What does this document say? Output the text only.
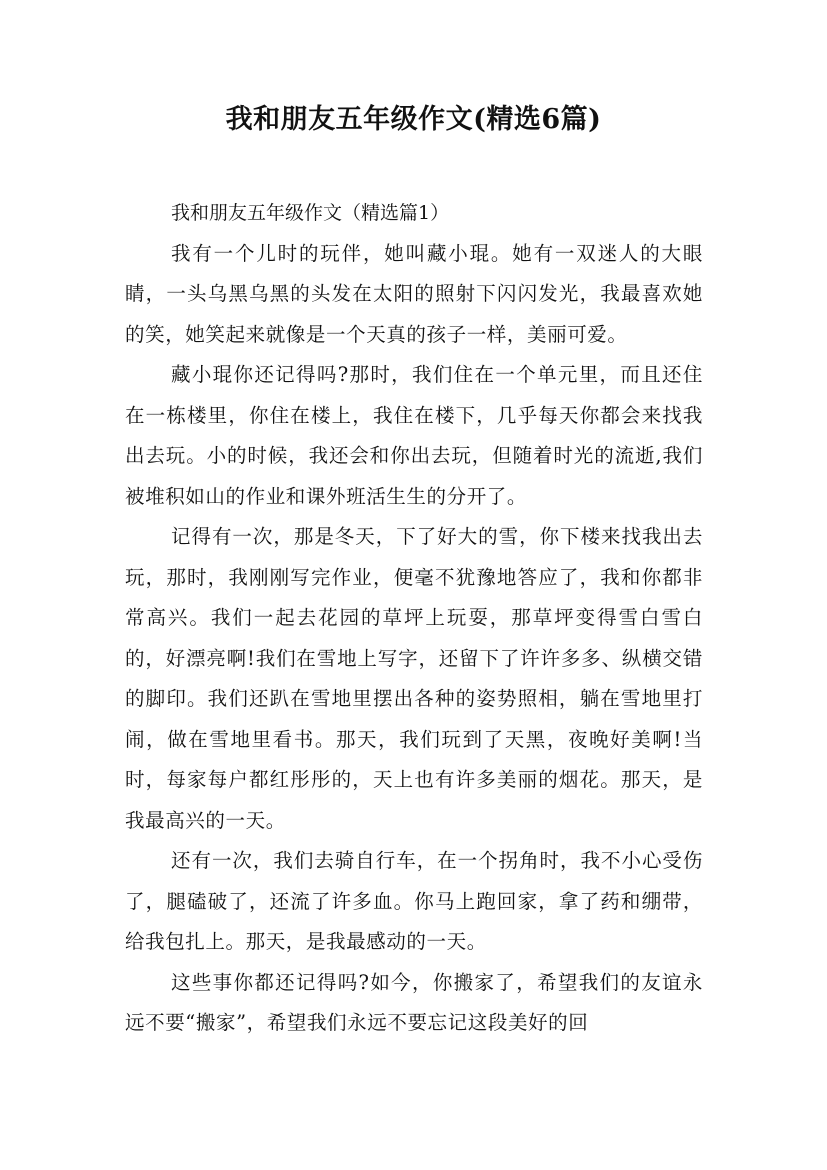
我和朋友五年级作文(精选6篇)

我和朋友五年级作文（精选篇1）

我有一个儿时的玩伴，她叫藏小琨。她有一双迷人的大眼睛，一头乌黑乌黑的头发在太阳的照射下闪闪发光，我最喜欢她的笑，她笑起来就像是一个天真的孩子一样，美丽可爱。

藏小琨你还记得吗?那时，我们住在一个单元里，而且还住在一栋楼里，你住在楼上，我住在楼下，几乎每天你都会来找我出去玩。小的时候，我还会和你出去玩，但随着时光的流逝,我们被堆积如山的作业和课外班活生生的分开了。

记得有一次，那是冬天，下了好大的雪，你下楼来找我出去玩，那时，我刚刚写完作业，便毫不犹豫地答应了，我和你都非常高兴。我们一起去花园的草坪上玩耍，那草坪变得雪白雪白的，好漂亮啊!我们在雪地上写字，还留下了许许多多、纵横交错的脚印。我们还趴在雪地里摆出各种的姿势照相，躺在雪地里打闹，做在雪地里看书。那天，我们玩到了天黑，夜晚好美啊!当时，每家每户都红彤彤的，天上也有许多美丽的烟花。那天，是我最高兴的一天。

还有一次，我们去骑自行车，在一个拐角时，我不小心受伤了，腿磕破了，还流了许多血。你马上跑回家，拿了药和绷带，给我包扎上。那天，是我最感动的一天。

这些事你都还记得吗?如今，你搬家了，希望我们的友谊永远不要“搬家”，希望我们永远不要忘记这段美好的回
